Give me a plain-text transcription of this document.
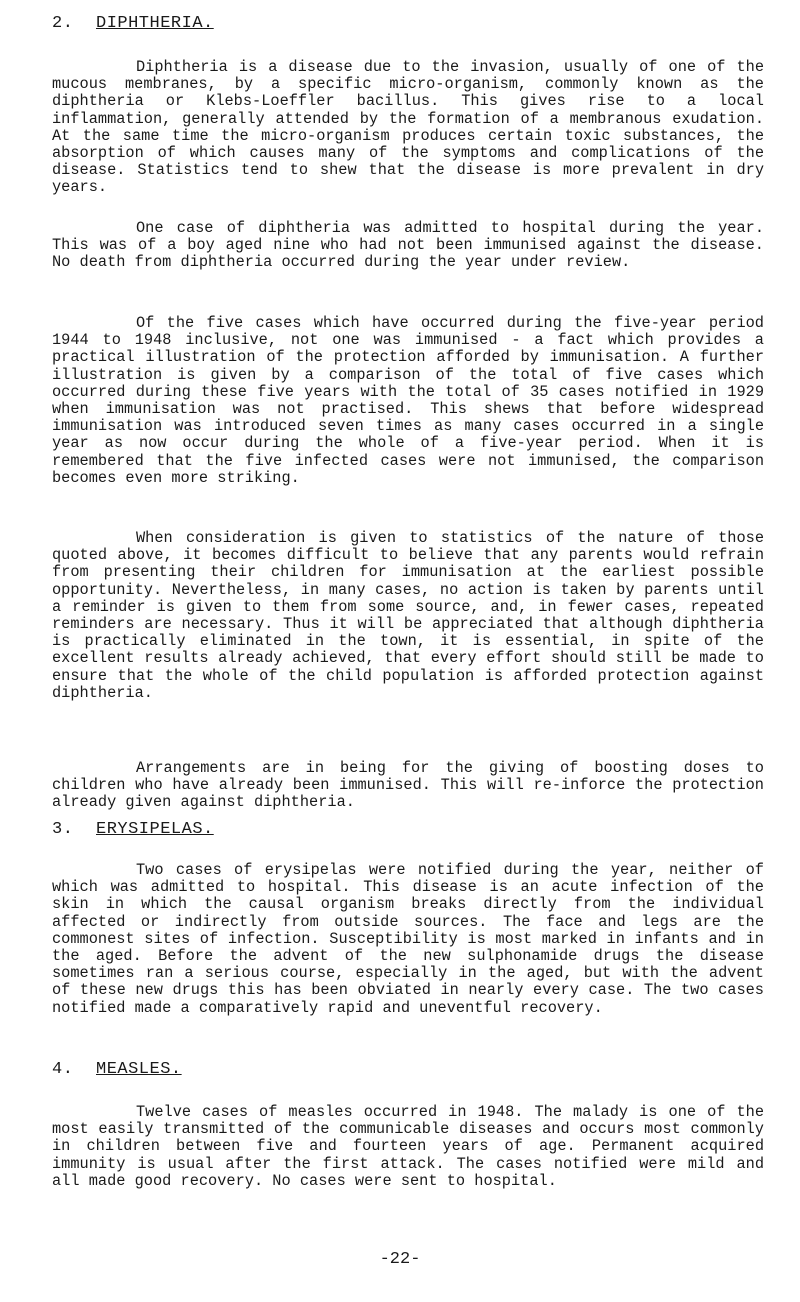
2. DIPHTHERIA.

Diphtheria is a disease due to the invasion, usually of one of the mucous membranes, by a specific micro-organism, commonly known as the diphtheria or Klebs-Loeffler bacillus. This gives rise to a local inflammation, generally attended by the formation of a membranous exudation. At the same time the micro-organism produces certain toxic substances, the absorption of which causes many of the symptoms and complications of the disease. Statistics tend to shew that the disease is more prevalent in dry years.

One case of diphtheria was admitted to hospital during the year. This was of a boy aged nine who had not been immunised against the disease. No death from diphtheria occurred during the year under review.

Of the five cases which have occurred during the five-year period 1944 to 1948 inclusive, not one was immunised - a fact which provides a practical illustration of the protection afforded by immunisation. A further illustration is given by a comparison of the total of five cases which occurred during these five years with the total of 35 cases notified in 1929 when immunisation was not practised. This shews that before widespread immunisation was introduced seven times as many cases occurred in a single year as now occur during the whole of a five-year period. When it is remembered that the five infected cases were not immunised, the comparison becomes even more striking.

When consideration is given to statistics of the nature of those quoted above, it becomes difficult to believe that any parents would refrain from presenting their children for immunisation at the earliest possible opportunity. Nevertheless, in many cases, no action is taken by parents until a reminder is given to them from some source, and, in fewer cases, repeated reminders are necessary. Thus it will be appreciated that although diphtheria is practically eliminated in the town, it is essential, in spite of the excellent results already achieved, that every effort should still be made to ensure that the whole of the child population is afforded protection against diphtheria.

Arrangements are in being for the giving of boosting doses to children who have already been immunised. This will re-inforce the protection already given against diphtheria.

3. ERYSIPELAS.

Two cases of erysipelas were notified during the year, neither of which was admitted to hospital. This disease is an acute infection of the skin in which the causal organism breaks directly from the individual affected or indirectly from outside sources. The face and legs are the commonest sites of infection. Susceptibility is most marked in infants and in the aged. Before the advent of the new sulphonamide drugs the disease sometimes ran a serious course, especially in the aged, but with the advent of these new drugs this has been obviated in nearly every case. The two cases notified made a comparatively rapid and uneventful recovery.

4. MEASLES.

Twelve cases of measles occurred in 1948. The malady is one of the most easily transmitted of the communicable diseases and occurs most commonly in children between five and fourteen years of age. Permanent acquired immunity is usual after the first attack. The cases notified were mild and all made good recovery. No cases were sent to hospital.

-22-
